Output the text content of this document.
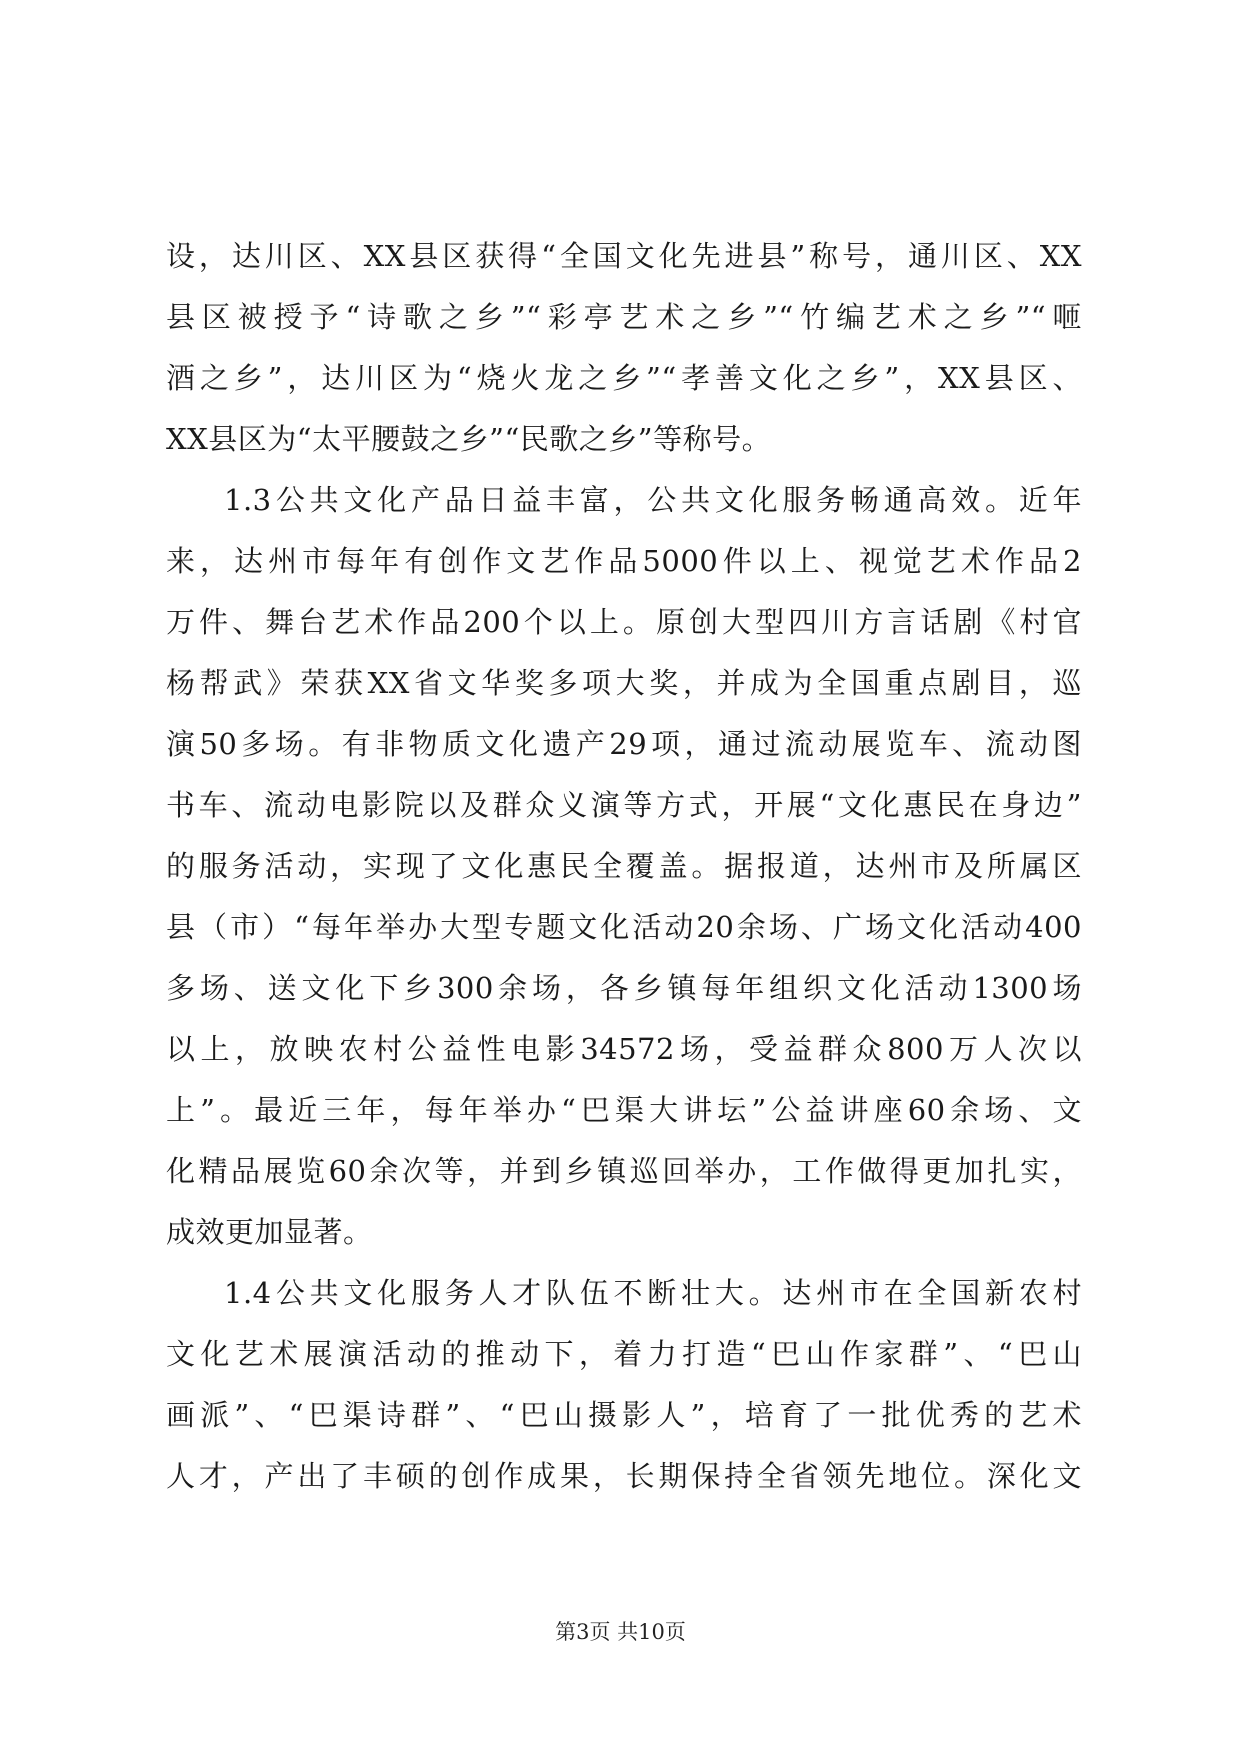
设，达川区、XX县区获得“全国文化先进县”称号，通川区、XX
县区被授予“诗歌之乡”“彩亭艺术之乡”“竹编艺术之乡”“咂
酒之乡”，达川区为“烧火龙之乡”“孝善文化之乡”，XX县区、
XX县区为“太平腰鼓之乡”“民歌之乡”等称号。
1.3公共文化产品日益丰富，公共文化服务畅通高效。近年
来，达州市每年有创作文艺作品5000件以上、视觉艺术作品2
万件、舞台艺术作品200个以上。原创大型四川方言话剧《村官
杨帮武》荣获XX省文华奖多项大奖，并成为全国重点剧目，巡
演50多场。有非物质文化遗产29项，通过流动展览车、流动图
书车、流动电影院以及群众义演等方式，开展“文化惠民在身边”
的服务活动，实现了文化惠民全覆盖。据报道，达州市及所属区
县（市）“每年举办大型专题文化活动20余场、广场文化活动400
多场、送文化下乡300余场，各乡镇每年组织文化活动1300场
以上，放映农村公益性电影34572场，受益群众800万人次以
上”。最近三年，每年举办“巴渠大讲坛”公益讲座60余场、文
化精品展览60余次等，并到乡镇巡回举办，工作做得更加扎实，
成效更加显著。
1.4公共文化服务人才队伍不断壮大。达州市在全国新农村
文化艺术展演活动的推动下，着力打造“巴山作家群”、“巴山
画派”、“巴渠诗群”、“巴山摄影人”，培育了一批优秀的艺术
人才，产出了丰硕的创作成果，长期保持全省领先地位。深化文
第3页 共10页
